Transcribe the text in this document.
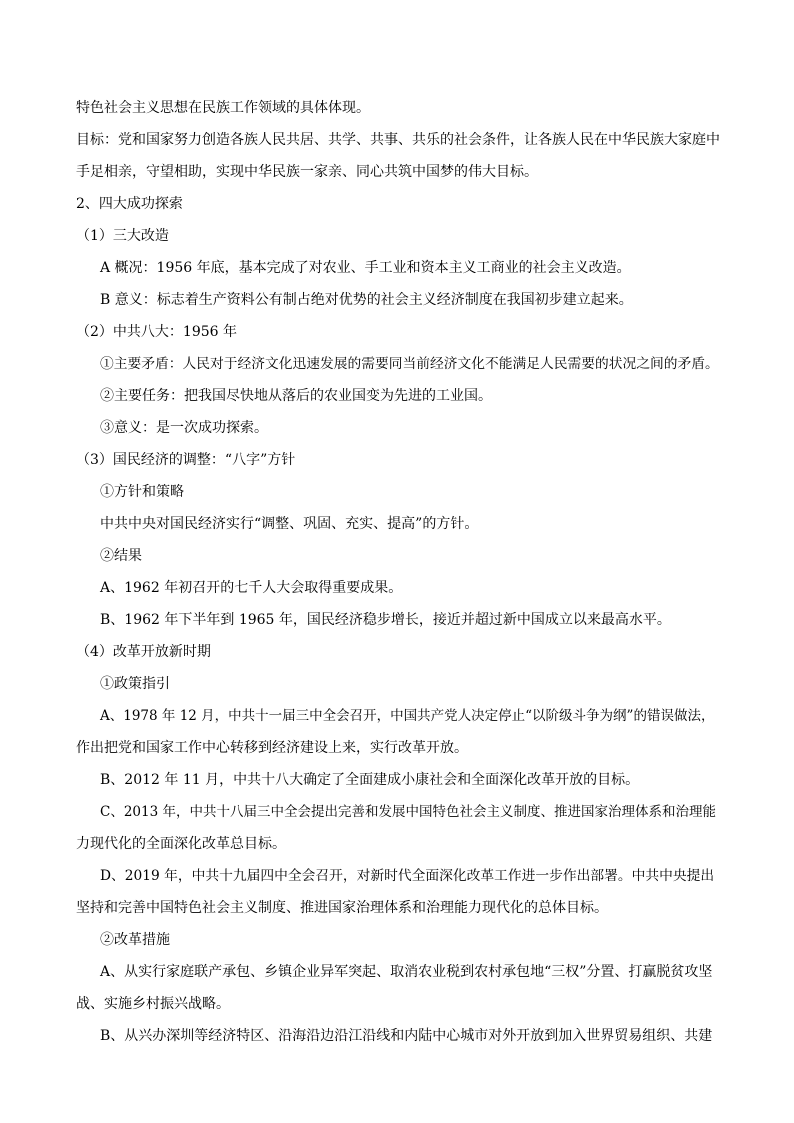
特色社会主义思想在民族工作领域的具体体现。
目标：党和国家努力创造各族人民共居、共学、共事、共乐的社会条件，让各族人民在中华民族大家庭中
手足相亲，守望相助，实现中华民族一家亲、同心共筑中国梦的伟大目标。
2、四大成功探索
（1）三大改造
A 概况：1956 年底，基本完成了对农业、手工业和资本主义工商业的社会主义改造。
B 意义：标志着生产资料公有制占绝对优势的社会主义经济制度在我国初步建立起来。
（2）中共八大：1956 年
①主要矛盾：人民对于经济文化迅速发展的需要同当前经济文化不能满足人民需要的状况之间的矛盾。
②主要任务：把我国尽快地从落后的农业国变为先进的工业国。
③意义：是一次成功探索。
（3）国民经济的调整：“八字”方针
①方针和策略
中共中央对国民经济实行“调整、巩固、充实、提高”的方针。
②结果
A、1962 年初召开的七千人大会取得重要成果。
B、1962 年下半年到 1965 年，国民经济稳步增长，接近并超过新中国成立以来最高水平。
（4）改革开放新时期
①政策指引
A、1978 年 12 月，中共十一届三中全会召开，中国共产党人决定停止“以阶级斗争为纲”的错误做法，
作出把党和国家工作中心转移到经济建设上来，实行改革开放。
B、2012 年 11 月，中共十八大确定了全面建成小康社会和全面深化改革开放的目标。
C、2013 年，中共十八届三中全会提出完善和发展中国特色社会主义制度、推进国家治理体系和治理能
力现代化的全面深化改革总目标。
D、2019 年，中共十九届四中全会召开，对新时代全面深化改革工作进一步作出部署。中共中央提出
坚持和完善中国特色社会主义制度、推进国家治理体系和治理能力现代化的总体目标。
②改革措施
A、从实行家庭联产承包、乡镇企业异军突起、取消农业税到农村承包地“三权”分置、打赢脱贫攻坚
战、实施乡村振兴战略。
B、从兴办深圳等经济特区、沿海沿边沿江沿线和内陆中心城市对外开放到加入世界贸易组织、共建
